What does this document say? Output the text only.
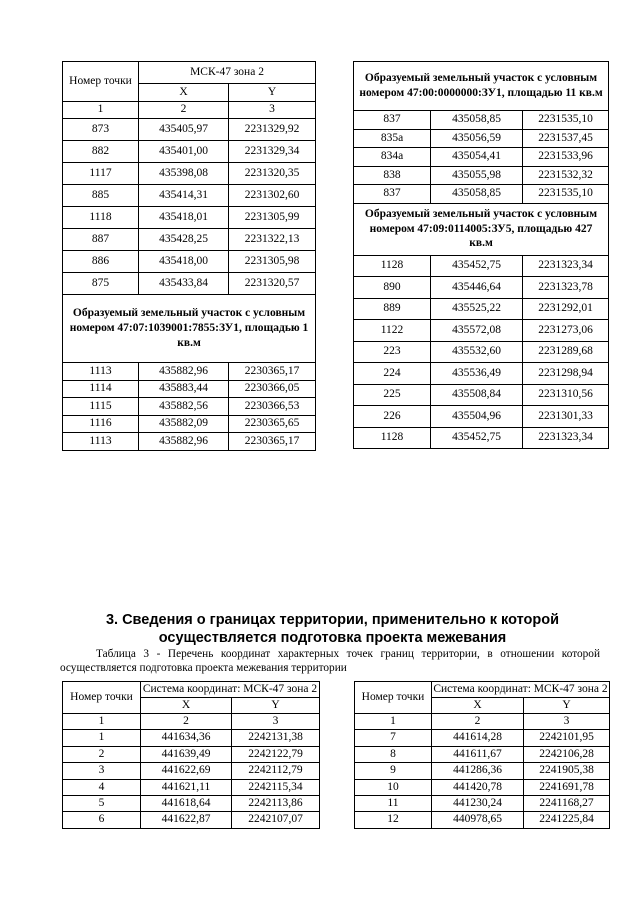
Номер точки	МСК-47 зона 2	
	X	Y
1	2	3
873	435405,97	2231329,92
882	435401,00	2231329,34
1117	435398,08	2231320,35
885	435414,31	2231302,60
1118	435418,01	2231305,99
887	435428,25	2231322,13
886	435418,00	2231305,98
875	435433,84	2231320,57
Образуемый земельный участок с условным номером 47:07:1039001:7855:ЗУ1, площадью 1 кв.м		
1113	435882,96	2230365,17
1114	435883,44	2230366,05
1115	435882,56	2230366,53
1116	435882,09	2230365,65
1113	435882,96	2230365,17
Образуемый земельный участок с условным номером 47:00:0000000:ЗУ1, площадью 11 кв.м		
837	435058,85	2231535,10
835а	435056,59	2231537,45
834а	435054,41	2231533,96
838	435055,98	2231532,32
837	435058,85	2231535,10
Образуемый земельный участок с условным номером 47:09:0114005:ЗУ5, площадью 427 кв.м		
1128	435452,75	2231323,34
890	435446,64	2231323,78
889	435525,22	2231292,01
1122	435572,08	2231273,06
223	435532,60	2231289,68
224	435536,49	2231298,94
225	435508,84	2231310,56
226	435504,96	2231301,33
1128	435452,75	2231323,34
3. Сведения о границах территории, применительно к которой осуществляется подготовка проекта межевания
Таблица 3 - Перечень координат характерных точек границ территории, в отношении которой осуществляется подготовка проекта межевания территории
Номер точки	Система координат: МСК-47 зона 2	
	X	Y
1	2	3
1	441634,36	2242131,38
2	441639,49	2242122,79
3	441622,69	2242112,79
4	441621,11	2242115,34
5	441618,64	2242113,86
6	441622,87	2242107,07
Номер точки	Система координат: МСК-47 зона 2	
	X	Y
1	2	3
7	441614,28	2242101,95
8	441611,67	2242106,28
9	441286,36	2241905,38
10	441420,78	2241691,78
11	441230,24	2241168,27
12	440978,65	2241225,84
